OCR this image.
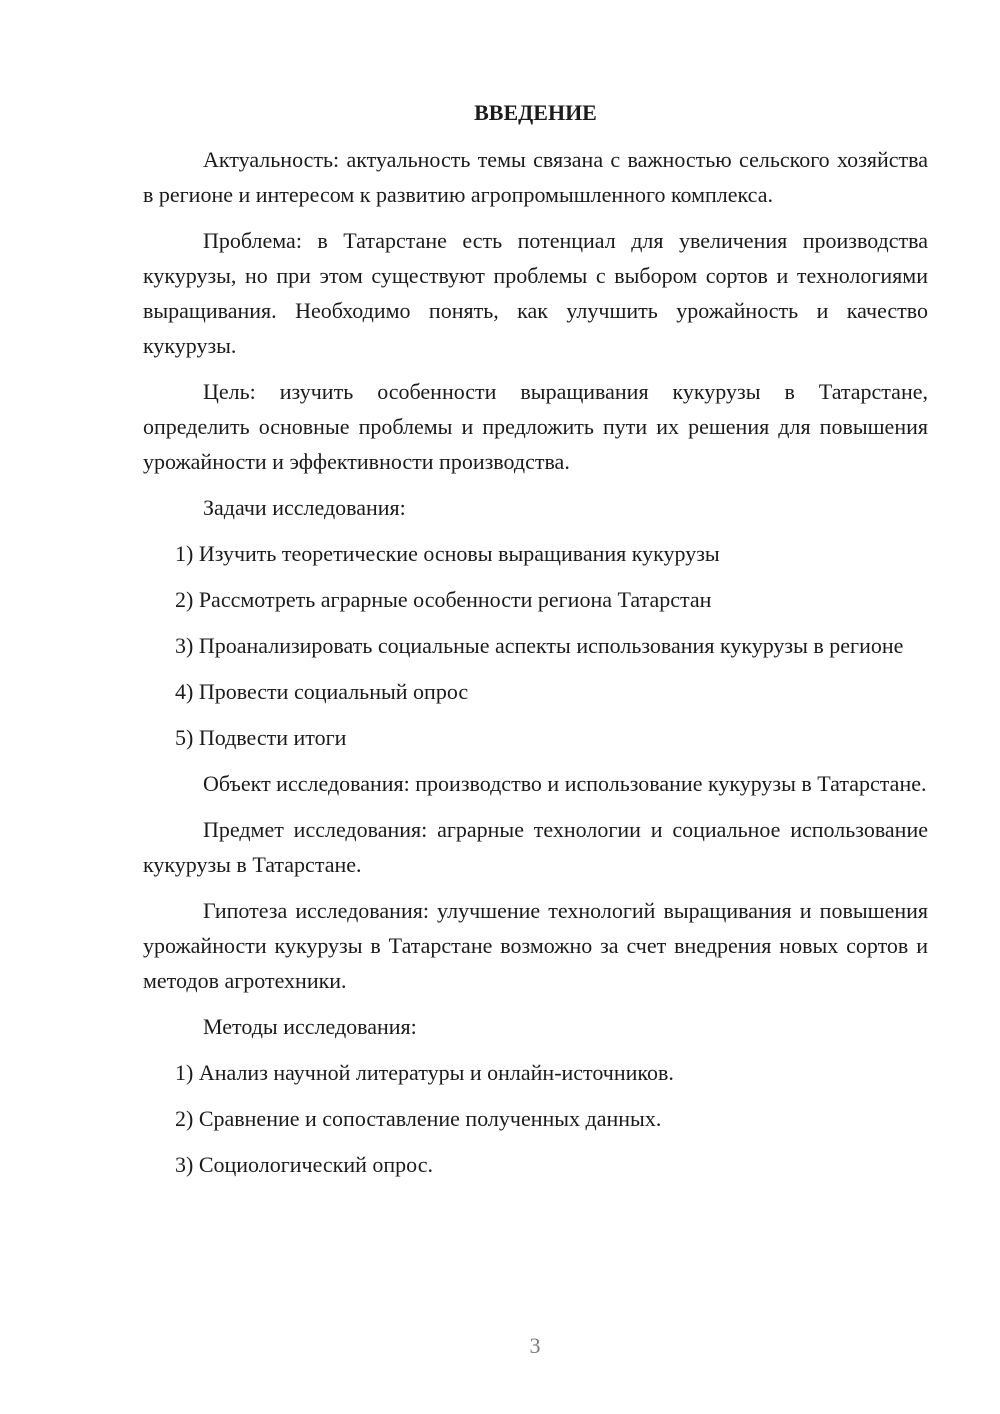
ВВЕДЕНИЕ

Актуальность: актуальность темы связана с важностью сельского хозяйства в регионе и интересом к развитию агропромышленного комплекса.

Проблема: в Татарстане есть потенциал для увеличения производства кукурузы, но при этом существуют проблемы с выбором сортов и технологиями выращивания. Необходимо понять, как улучшить урожайность и качество кукурузы.

Цель: изучить особенности выращивания кукурузы в Татарстане, определить основные проблемы и предложить пути их решения для повышения урожайности и эффективности производства.

Задачи исследования:

1) Изучить теоретические основы выращивания кукурузы

2) Рассмотреть аграрные особенности региона Татарстан

3) Проанализировать социальные аспекты использования кукурузы в регионе

4) Провести социальный опрос

5) Подвести итоги

Объект исследования: производство и использование кукурузы в Татарстане.

Предмет исследования: аграрные технологии и социальное использование кукурузы в Татарстане.

Гипотеза исследования: улучшение технологий выращивания и повышения урожайности кукурузы в Татарстане возможно за счет внедрения новых сортов и методов агротехники.

Методы исследования:

1) Анализ научной литературы и онлайн-источников.

2) Сравнение и сопоставление полученных данных.

3) Социологический опрос.

3
